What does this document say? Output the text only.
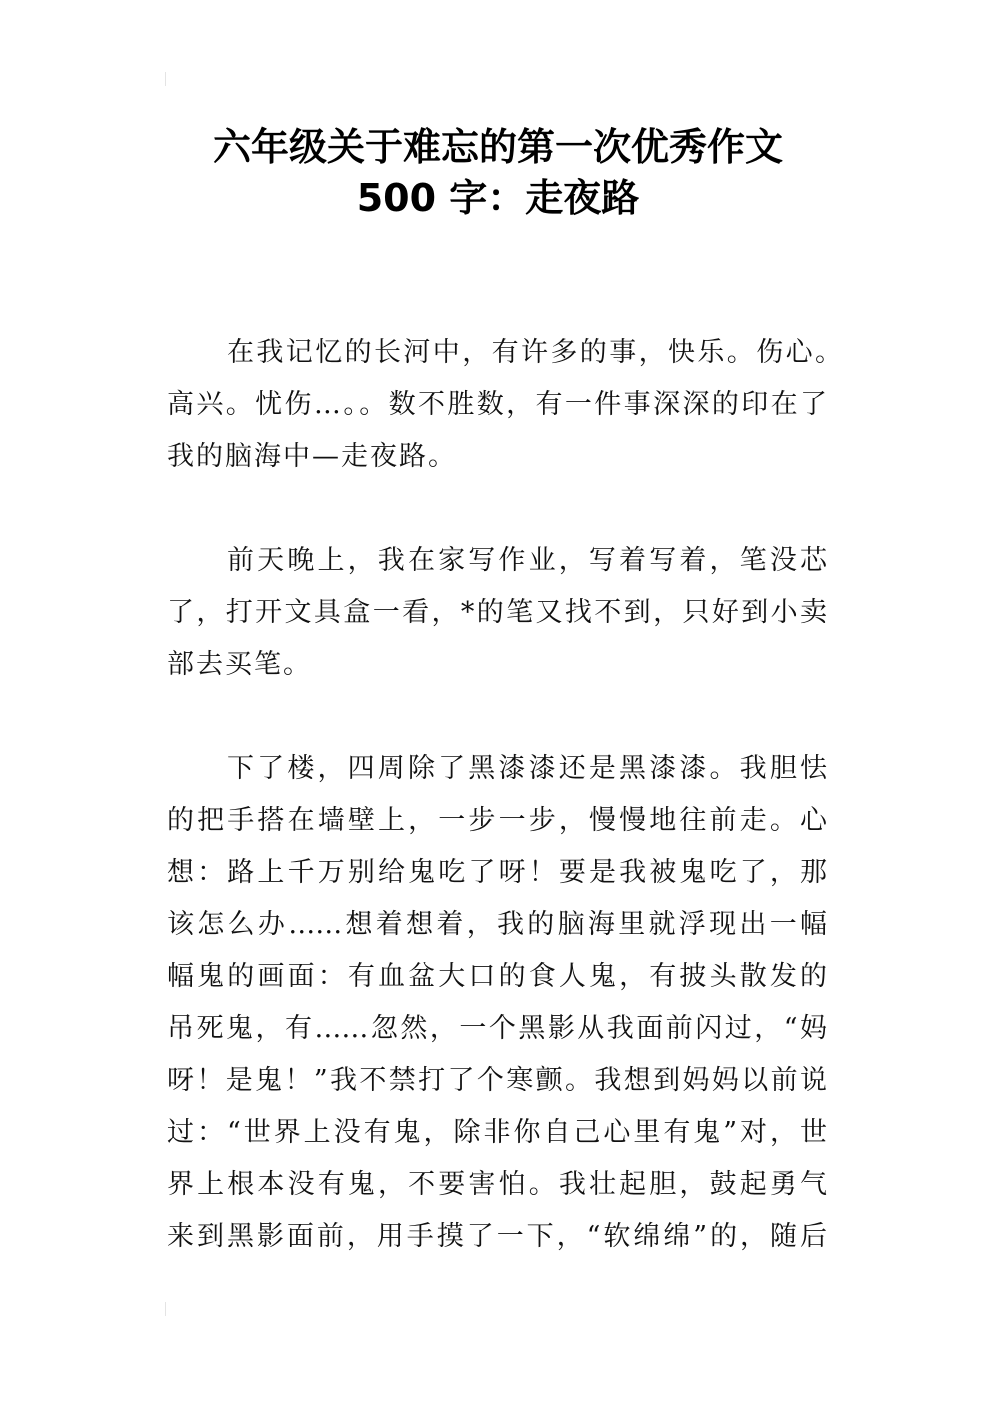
六年级关于难忘的第一次优秀作文
500 字：走夜路
在我记忆的长河中，有许多的事，快乐。伤心。
高兴。忧伤…。。数不胜数，有一件事深深的印在了
我的脑海中—走夜路。
前天晚上，我在家写作业，写着写着，笔没芯
了，打开文具盒一看，*的笔又找不到，只好到小卖
部去买笔。
下了楼，四周除了黑漆漆还是黑漆漆。我胆怯
的把手搭在墙壁上，一步一步，慢慢地往前走。心
想：路上千万别给鬼吃了呀！要是我被鬼吃了，那
该怎么办……想着想着，我的脑海里就浮现出一幅
幅鬼的画面：有血盆大口的食人鬼，有披头散发的
吊死鬼，有……忽然，一个黑影从我面前闪过，“妈
呀！是鬼！”我不禁打了个寒颤。我想到妈妈以前说
过：“世界上没有鬼，除非你自己心里有鬼”对，世
界上根本没有鬼，不要害怕。我壮起胆，鼓起勇气
来到黑影面前，用手摸了一下，“软绵绵”的，随后
